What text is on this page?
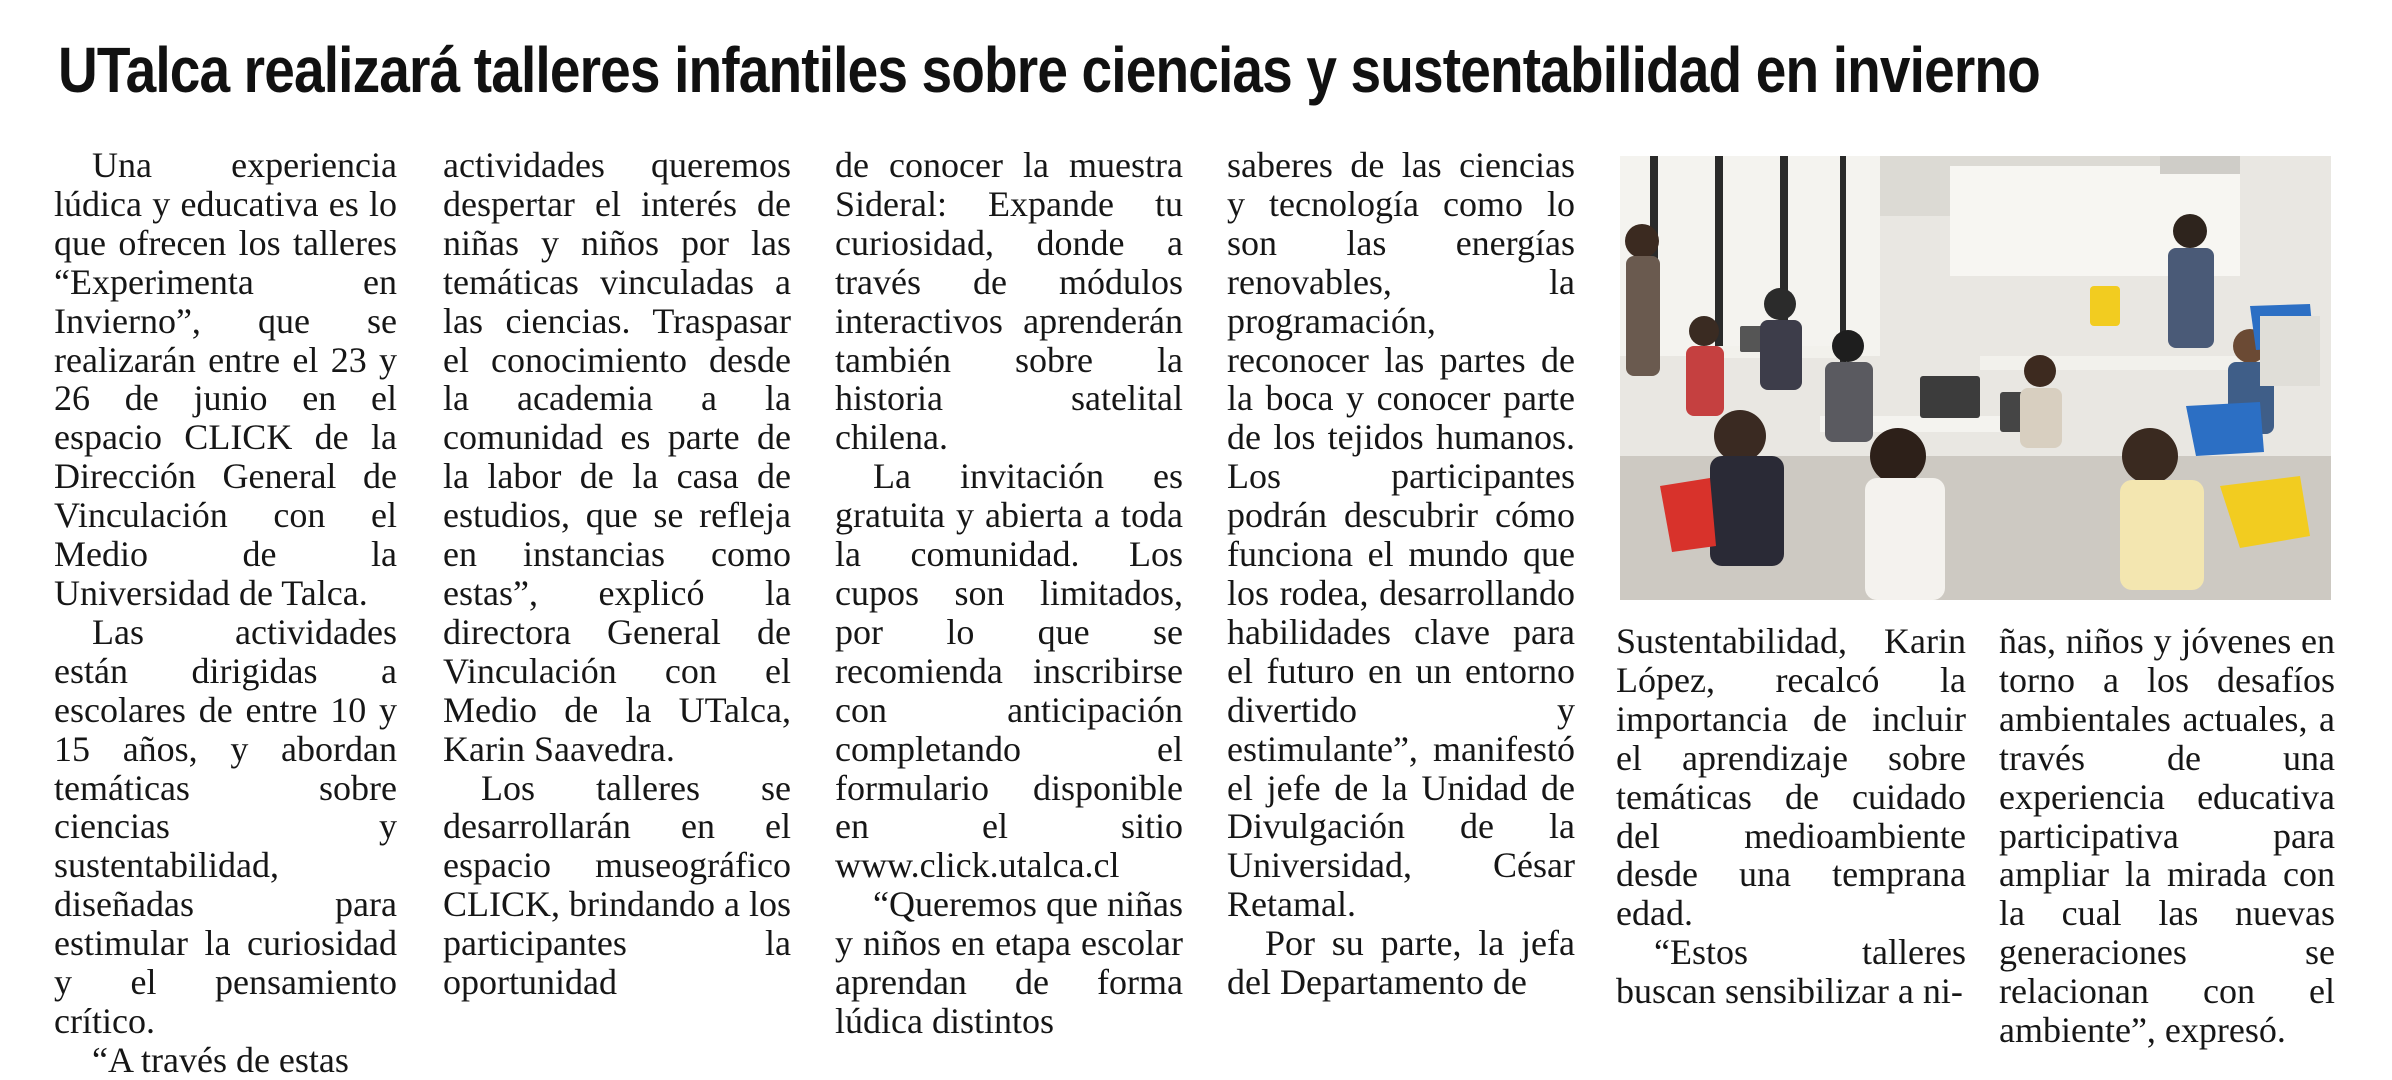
UTalca realizará talleres infantiles sobre ciencias y sustentabilidad en invierno

Una experiencia lúdica y educativa es lo que ofrecen los talleres “Experimenta en Invierno”, que se realizarán entre el 23 y 26 de junio en el espacio CLICK de la Dirección General de Vinculación con el Medio de la Universidad de Talca.

Las actividades están dirigidas a escolares de entre 10 y 15 años, y abordan temáticas sobre ciencias y sustentabilidad, diseñadas para estimular la curiosidad y el pensamiento crítico.

“A través de estas

actividades queremos despertar el interés de niñas y niños por las temáticas vinculadas a las ciencias. Traspasar el conocimiento desde la academia a la comunidad es parte de la labor de la casa de estudios, que se refleja en instancias como estas”, explicó la directora General de Vinculación con el Medio de la UTalca, Karin Saavedra.

Los talleres se desarrollarán en el espacio museográfico CLICK, brindando a los participantes la oportunidad

de conocer la muestra Sideral: Expande tu curiosidad, donde a través de módulos interactivos aprenderán también sobre la historia satelital chilena.

La invitación es gratuita y abierta a toda la comunidad. Los cupos son limitados, por lo que se recomienda inscribirse con anticipación completando el formulario disponible en el sitio www.click.utalca.cl

“Queremos que niñas y niños en etapa escolar aprendan de forma lúdica distintos

saberes de las ciencias y tecnología como lo son las energías renovables, la programación, reconocer las partes de la boca y conocer parte de los tejidos humanos. Los participantes podrán descubrir cómo funciona el mundo que los rodea, desarrollando habilidades clave para el futuro en un entorno divertido y estimulante”, manifestó el jefe de la Unidad de Divulgación de la Universidad, César Retamal.

Por su parte, la jefa del Departamento de

Sustentabilidad, Karin López, recalcó la importancia de incluir el aprendizaje sobre temáticas de cuidado del medioambiente desde una temprana edad.

“Estos talleres buscan sensibilizar a ni-

ñas, niños y jóvenes en torno a los desafíos ambientales actuales, a través de una experiencia educativa participativa para ampliar la mirada con la cual las nuevas generaciones se relacionan con el ambiente”, expresó.
